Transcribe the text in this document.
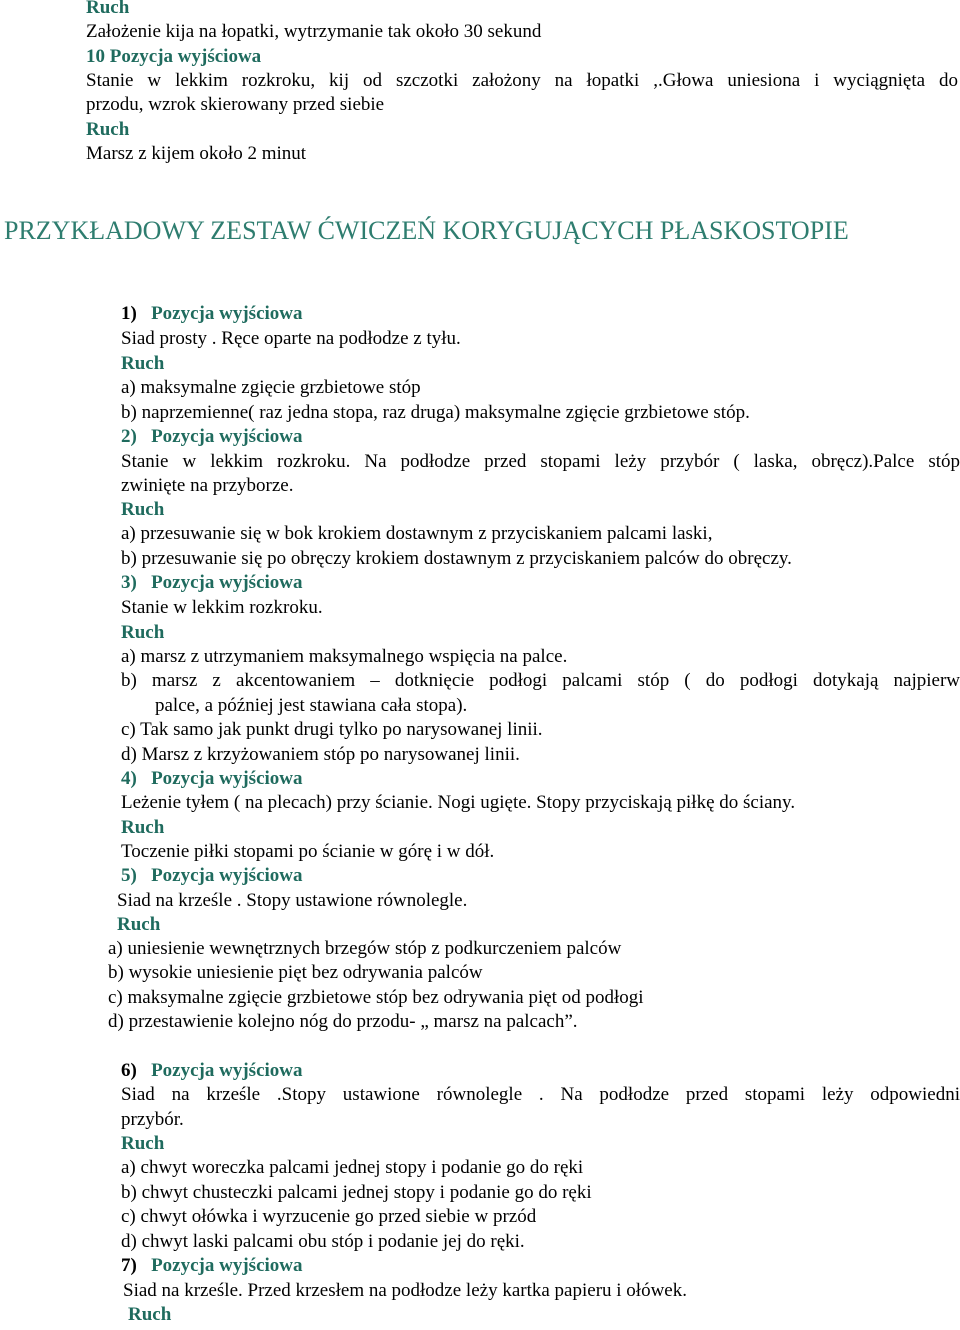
Ruch
Założenie kija na łopatki, wytrzymanie tak około 30 sekund
10 Pozycja wyjściowa
Stanie w lekkim rozkroku, kij od szczotki założony na łopatki ,.Głowa uniesiona i wyciągnięta do
przodu, wzrok skierowany przed siebie
Ruch
Marsz z kijem około 2 minut
PRZYKŁADOWY ZESTAW ĆWICZEŃ KORYGUJĄCYCH PŁASKOSTOPIE
1) Pozycja wyjściowa
Siad prosty . Ręce oparte na podłodze z tyłu.
Ruch
a) maksymalne zgięcie grzbietowe stóp
b) naprzemienne( raz jedna stopa, raz druga) maksymalne zgięcie grzbietowe stóp.
2) Pozycja wyjściowa
Stanie w lekkim rozkroku. Na podłodze przed stopami leży przybór ( laska, obręcz).Palce stóp
zwinięte na przyborze.
Ruch
a) przesuwanie się w bok krokiem dostawnym z przyciskaniem palcami laski,
b) przesuwanie się po obręczy krokiem dostawnym z przyciskaniem palców do obręczy.
3) Pozycja wyjściowa
Stanie w lekkim rozkroku.
Ruch
a) marsz z utrzymaniem maksymalnego wspięcia na palce.
b) marsz z akcentowaniem – dotknięcie podłogi palcami stóp ( do podłogi dotykają najpierw
palce, a później jest stawiana cała stopa).
c) Tak samo jak punkt drugi tylko po narysowanej linii.
d) Marsz z krzyżowaniem stóp po narysowanej linii.
4) Pozycja wyjściowa
Leżenie tyłem ( na plecach) przy ścianie. Nogi ugięte. Stopy przyciskają piłkę do ściany.
Ruch
Toczenie piłki stopami po ścianie w górę i w dół.
5) Pozycja wyjściowa
Siad na krześle . Stopy ustawione równolegle.
Ruch
a) uniesienie wewnętrznych brzegów stóp z podkurczeniem palców
b) wysokie uniesienie pięt bez odrywania palców
c) maksymalne zgięcie grzbietowe stóp bez odrywania pięt od podłogi
d) przestawienie kolejno nóg do przodu- „ marsz na palcach”.
6) Pozycja wyjściowa
Siad na krześle .Stopy ustawione równolegle . Na podłodze przed stopami leży odpowiedni
przybór.
Ruch
a) chwyt woreczka palcami jednej stopy i podanie go do ręki
b) chwyt chusteczki palcami jednej stopy i podanie go do ręki
c) chwyt ołówka i wyrzucenie go przed siebie w przód
d) chwyt laski palcami obu stóp i podanie jej do ręki.
7) Pozycja wyjściowa
Siad na krześle. Przed krzesłem na podłodze leży kartka papieru i ołówek.
Ruch
